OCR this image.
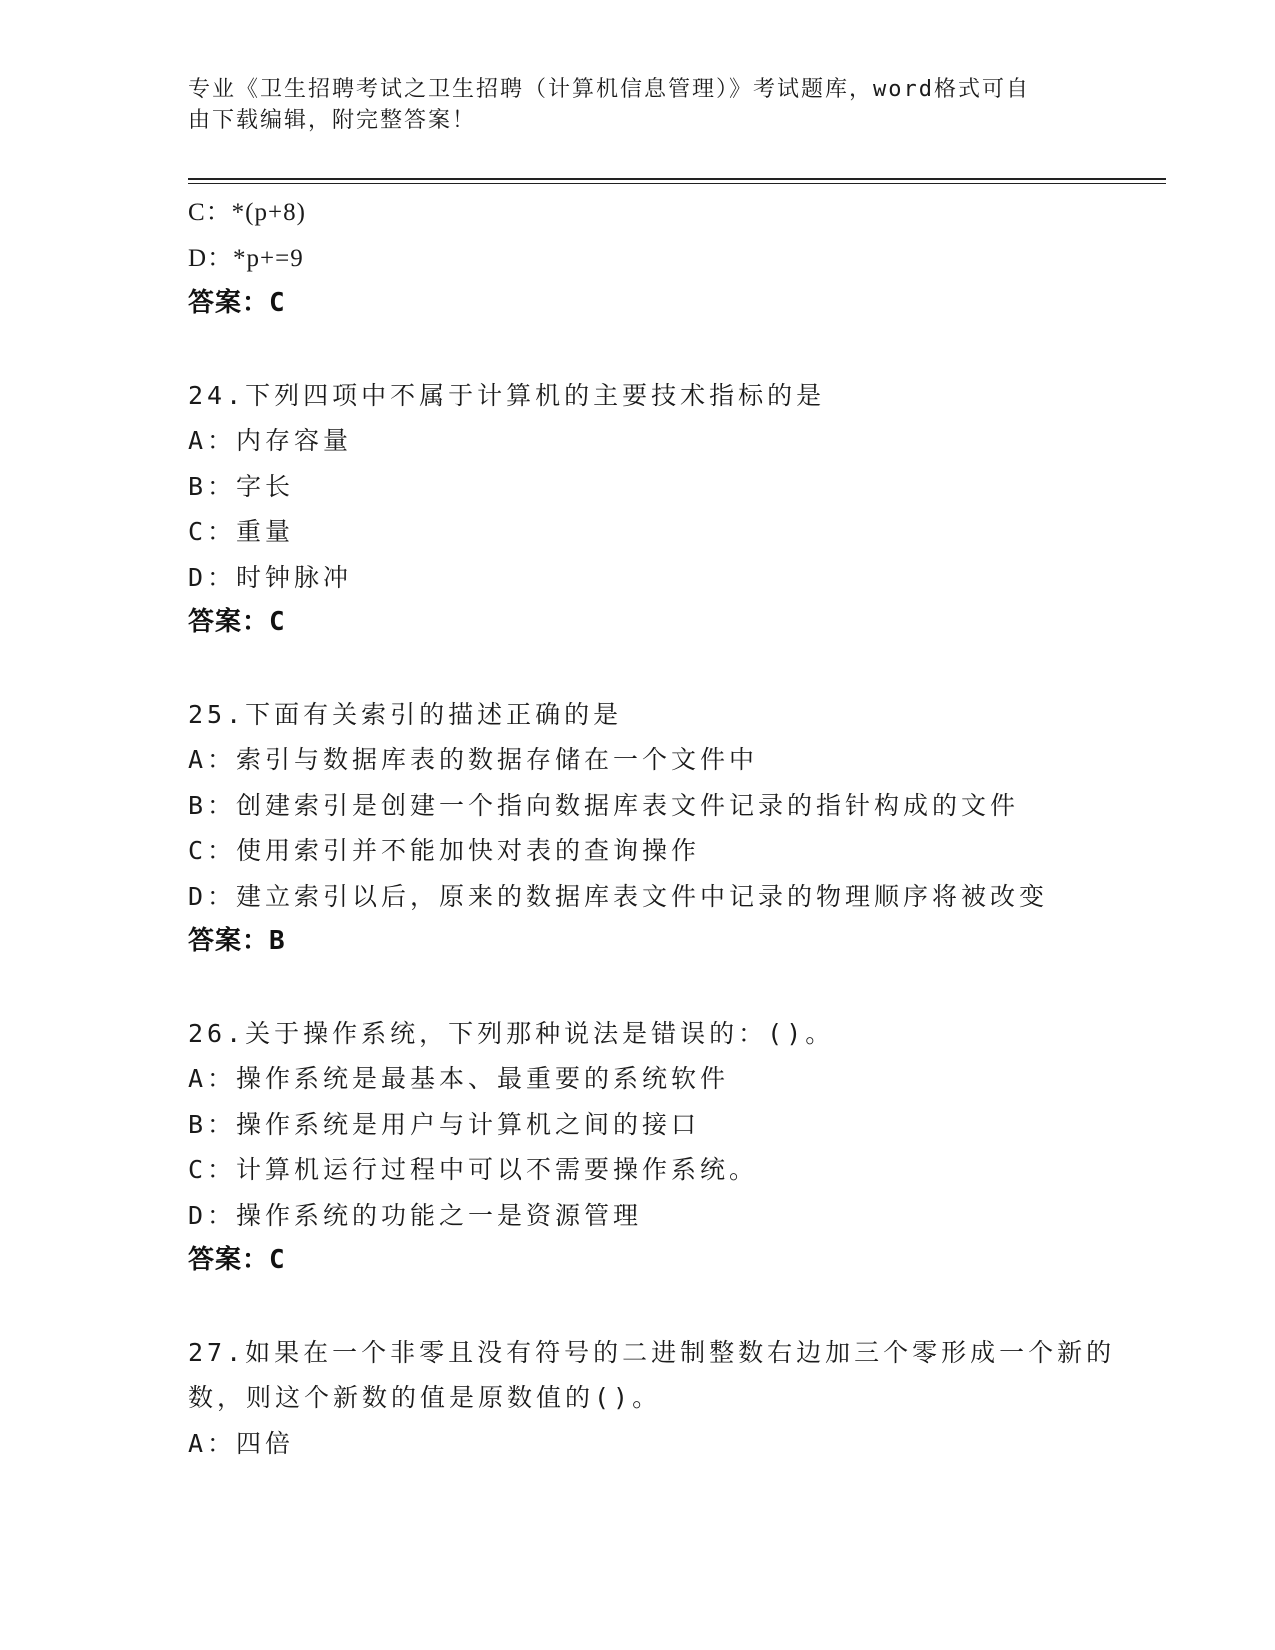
专业《卫生招聘考试之卫生招聘（计算机信息管理）》考试题库，word格式可自
由下载编辑，附完整答案！
C：*(p+8)
D：*p+=9
答案：C
24.下列四项中不属于计算机的主要技术指标的是
A：内存容量
B：字长
C：重量
D：时钟脉冲
答案：C
25.下面有关索引的描述正确的是
A：索引与数据库表的数据存储在一个文件中
B：创建索引是创建一个指向数据库表文件记录的指针构成的文件
C：使用索引并不能加快对表的查询操作
D：建立索引以后，原来的数据库表文件中记录的物理顺序将被改变
答案：B
26.关于操作系统，下列那种说法是错误的：()。
A：操作系统是最基本、最重要的系统软件
B：操作系统是用户与计算机之间的接口
C：计算机运行过程中可以不需要操作系统。
D：操作系统的功能之一是资源管理
答案：C
27.如果在一个非零且没有符号的二进制整数右边加三个零形成一个新的数，则这个新数的值是原数值的()。
A：四倍
